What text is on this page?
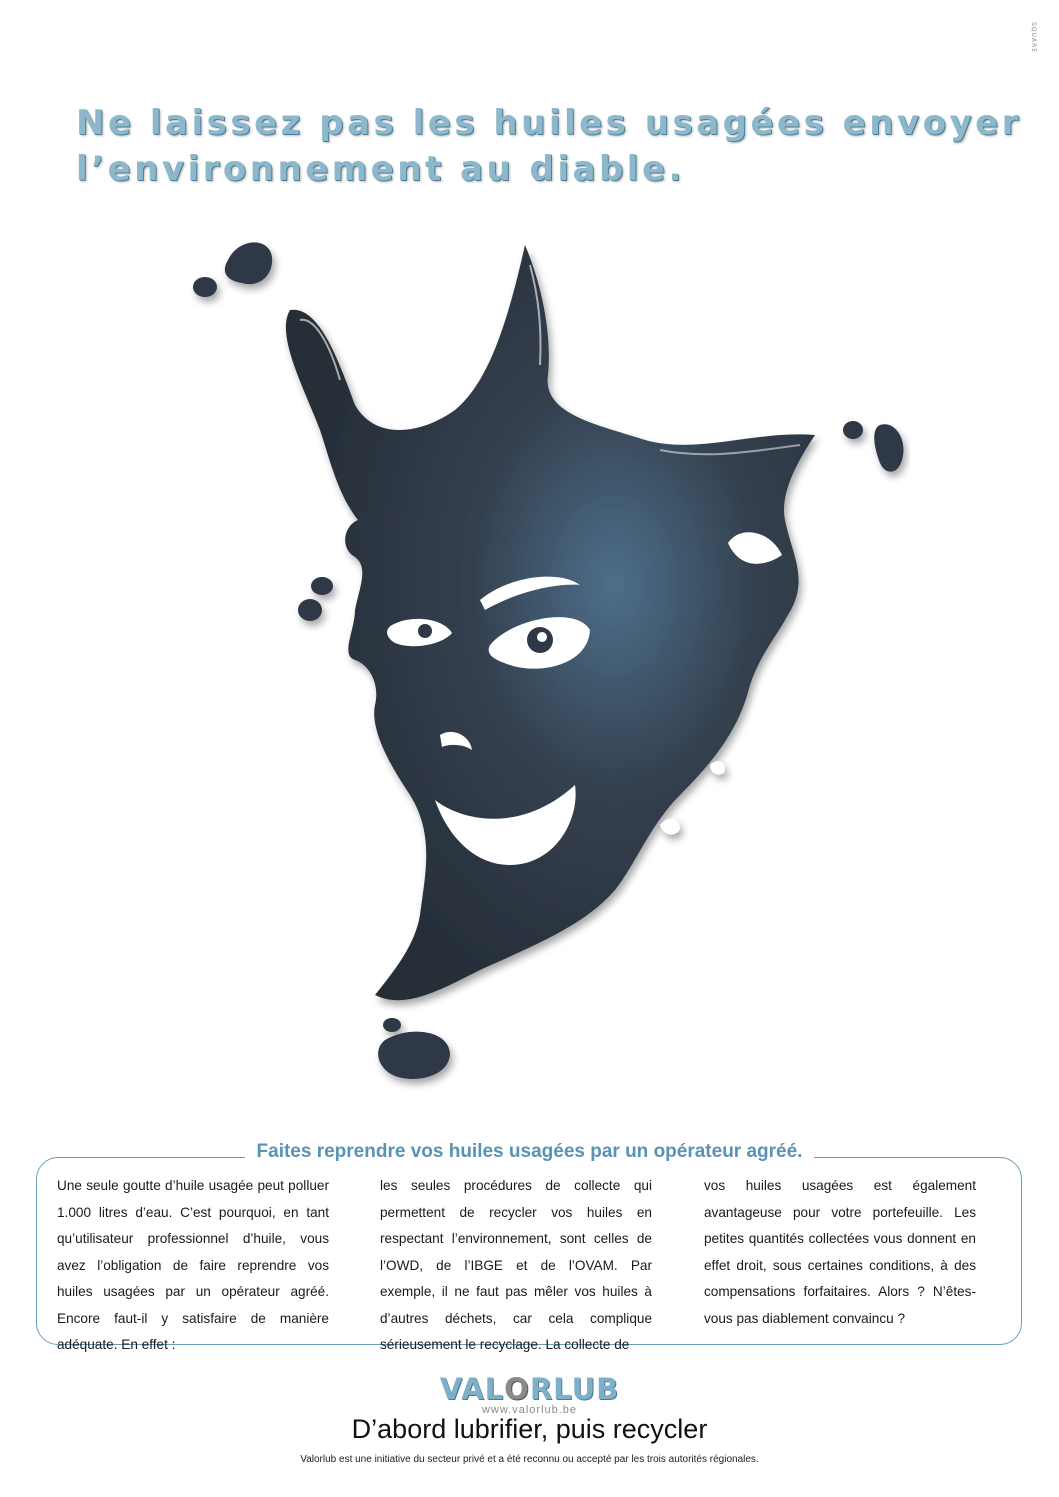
SQUARE
Ne laissez pas les huiles usagées envoyer
l’environnement au diable.
Faites reprendre vos huiles usagées par un opérateur agréé.
Une seule goutte d’huile usagée peut polluer 1.000 litres d’eau. C’est pourquoi, en tant qu’utilisateur professionnel d’huile, vous avez l’obligation de faire reprendre vos huiles usagées par un opérateur agréé. Encore faut-il y satisfaire de manière adéquate. En effet :
les seules procédures de collecte qui permettent de recycler vos huiles en respectant l’environnement, sont celles de l’OWD, de l’IBGE et de l’OVAM. Par exemple, il ne faut pas mêler vos huiles à d’autres déchets, car cela complique sérieusement le recyclage. La collecte de
vos huiles usagées est également avantageuse pour votre portefeuille. Les petites quantités collectées vous donnent en effet droit, sous certaines conditions, à des compensations forfaitaires. Alors ? N’êtes-vous pas diablement convaincu ?
VALORLUB
www.valorlub.be
D’abord lubrifier, puis recycler
Valorlub est une initiative du secteur privé et a été reconnu ou accepté par les trois autorités régionales.
